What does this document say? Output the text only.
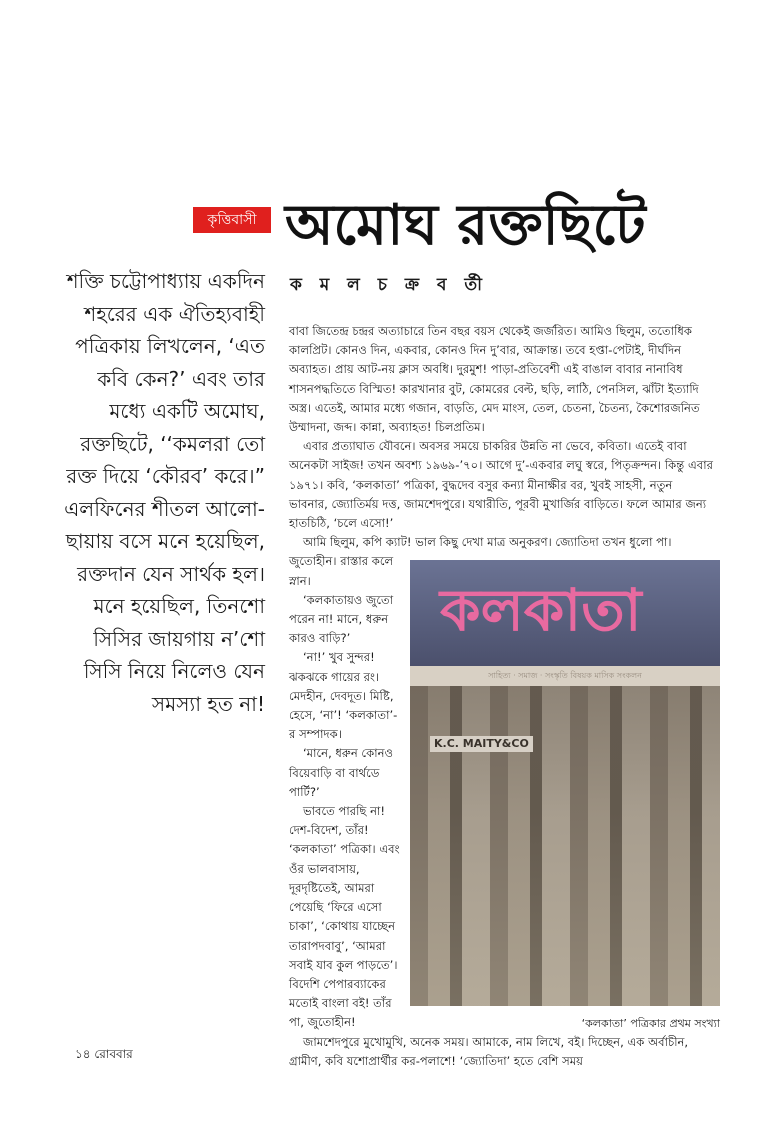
কৃত্তিবাসী অমোঘ রক্তছিটে
ক ম ল চ ক্র ব র্তী
শক্তি চট্টোপাধ্যায় একদিন শহরের এক ঐতিহ্যবাহী পত্রিকায় লিখলেন, ‘এত কবি কেন?’ এবং তার মধ্যে একটি অমোঘ, রক্তছিটে, ‘‘কমলরা তো রক্ত দিয়ে ‘কৌরব’ করে।” এলফিনের শীতল আলো-ছায়ায় বসে মনে হয়েছিল, রক্তদান যেন সার্থক হল। মনে হয়েছিল, তিনশো সিসির জায়গায় ন’শো সিসি নিয়ে নিলেও যেন সমস্যা হত না!
কলকাতা
সাহিত্য · সমাজ · সংস্কৃতি বিষয়ক মাসিক সংকলন
K.C. MAITY&CO
‘কলকাতা’ পত্রিকার প্রথম সংখ্যা

বাবা জিতেন্দ্র চন্দ্রর অত্যাচারে তিন বছর বয়স থেকেই জর্জরিত। আমিও ছিলুম, ততোধিক কালপ্রিট। কোনও দিন, একবার, কোনও দিন দু’বার, আক্রান্ত। তবে হপ্তা-পেটাই, দীর্ঘদিন অব্যাহত। প্রায় আট-নয় ক্লাস অবধি। দুরমুশ! পাড়া-প্রতিবেশী এই বাঙাল বাবার নানাবিধ শাসনপদ্ধতিতে বিস্মিত! কারখানার বুট, কোমরের বেল্ট, ছড়ি, লাঠি, পেনসিল, ঝাঁটা ইত্যাদি অস্ত্র। এতেই, আমার মধ্যে গজান, বাড়তি, মেদ মাংস, তেল, চেতনা, চৈতন্য, কৈশোরজনিত উম্মাদনা, জব্দ। কান্না, অব্যাহত! চিলপ্রতিম।

এবার প্রত্যাঘাত যৌবনে। অবসর সময়ে চাকরির উন্নতি না ভেবে, কবিতা। এতেই বাবা অনেকটা সাইজ! তখন অবশ্য ১৯৬৯-’৭০। আগে দু’-একবার লঘু স্বরে, পিতৃক্রন্দন। কিন্তু এবার ১৯৭১। কবি, ‘কলকাতা’ পত্রিকা, বুদ্ধদেব বসুর কন্যা মীনাক্ষীর বর, খুবই সাহসী, নতুন ভাবনার, জ্যোতির্ময় দত্ত, জামশেদপুরে। যথারীতি, পূরবী মুখার্জির বাড়িতে। ফলে আমার জন্য হাতচিঠি, ‘চলে এসো!’

আমি ছিলুম, কপি ক্যাট! ভাল কিছু দেখা মাত্র অনুকরণ। জ্যোতিদা তখন ধুলো পা। জুতোহীন। রাস্তার কলে স্নান।

‘কলকাতায়ও জুতো পরেন না! মানে, ধরুন কারও বাড়ি?’

‘না!’ খুব সুন্দর! ঝকঝকে গায়ের রং। মেদহীন, দেবদূত। মিষ্টি, হেসে, ‘না’! ‘কলকাতা’-র সম্পাদক।

‘মানে, ধরুন কোনও বিয়েবাড়ি বা বার্থডে পার্টি?’

ভাবতে পারছি না! দেশ-বিদেশ, তাঁর! ‘কলকাতা’ পত্রিকা। এবং ওঁর ভালবাসায়, দূরদৃষ্টিতেই, আমরা পেয়েছি ‘ফিরে এসো চাকা’, ‘কোথায় যাচ্ছেন তারাপদবাবু’, ‘আমরা সবাই যাব কুল পাড়তে’। বিদেশি পেপারব্যাকের মতোই বাংলা বই! তাঁর পা, জুতোহীন!

জামশেদপুরে মুখোমুখি, অনেক সময়। আমাকে, নাম লিখে, বই। দিচ্ছেন, এক অর্বাচীন, গ্রামীণ, কবি যশোপ্রার্থীর কর-পলাশে! ‘জ্যোতিদা’ হতে বেশি সময়

১৪ রোববার
